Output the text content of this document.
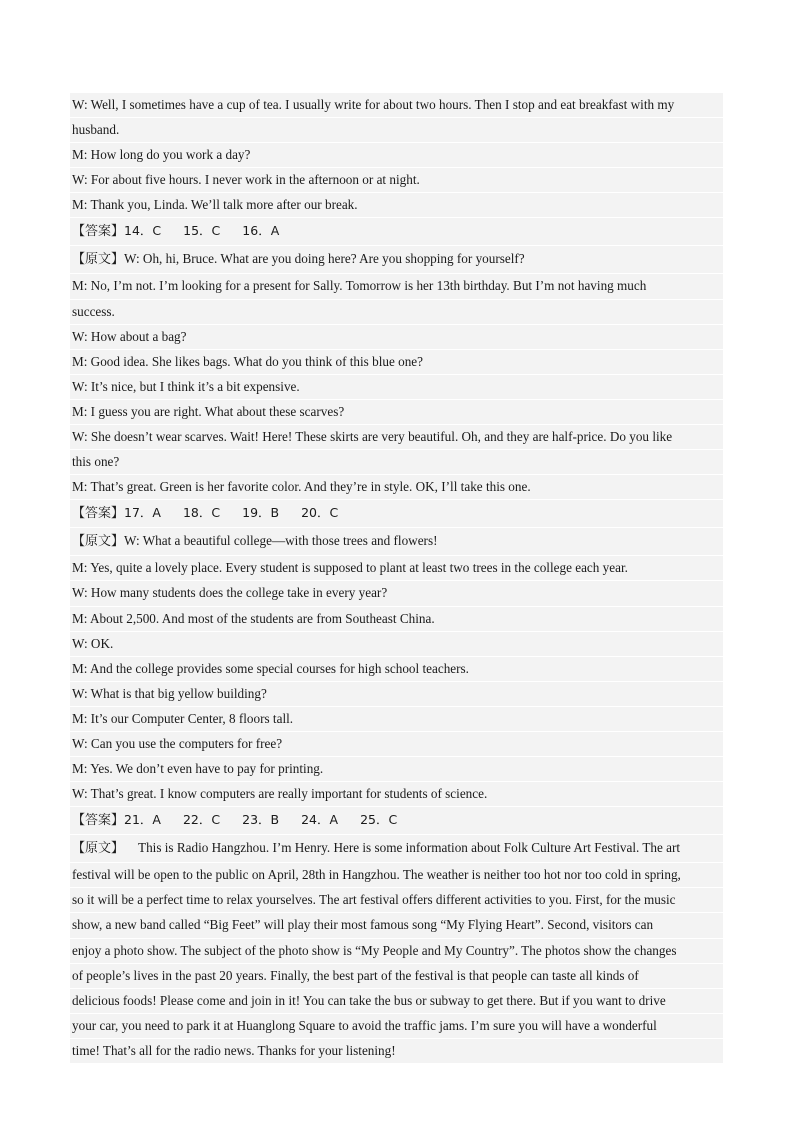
W: Well, I sometimes have a cup of tea. I usually write for about two hours. Then I stop and eat breakfast with my
husband.
M: How long do you work a day?
W: For about five hours. I never work in the afternoon or at night.
M: Thank you, Linda. We’ll talk more after our break.
【答案】14．C 15．C 16．A
【原文】W: Oh, hi, Bruce. What are you doing here? Are you shopping for yourself?
M: No, I’m not. I’m looking for a present for Sally. Tomorrow is her 13th birthday. But I’m not having much
success.
W: How about a bag?
M: Good idea. She likes bags. What do you think of this blue one?
W: It’s nice, but I think it’s a bit expensive.
M: I guess you are right. What about these scarves?
W: She doesn’t wear scarves. Wait! Here! These skirts are very beautiful. Oh, and they are half-price. Do you like
this one?
M: That’s great. Green is her favorite color. And they’re in style. OK, I’ll take this one.
【答案】17．A 18．C 19．B 20．C
【原文】W: What a beautiful college—with those trees and flowers!
M: Yes, quite a lovely place. Every student is supposed to plant at least two trees in the college each year.
W: How many students does the college take in every year?
M: About 2,500. And most of the students are from Southeast China.
W: OK.
M: And the college provides some special courses for high school teachers.
W: What is that big yellow building?
M: It’s our Computer Center, 8 floors tall.
W: Can you use the computers for free?
M: Yes. We don’t even have to pay for printing.
W: That’s great. I know computers are really important for students of science.
【答案】21．A 22．C 23．B 24．A 25．C
【原文】 This is Radio Hangzhou. I’m Henry. Here is some information about Folk Culture Art Festival. The art
festival will be open to the public on April, 28th in Hangzhou. The weather is neither too hot nor too cold in spring,
so it will be a perfect time to relax yourselves. The art festival offers different activities to you. First, for the music
show, a new band called “Big Feet” will play their most famous song “My Flying Heart”. Second, visitors can
enjoy a photo show. The subject of the photo show is “My People and My Country”. The photos show the changes
of people’s lives in the past 20 years. Finally, the best part of the festival is that people can taste all kinds of
delicious foods! Please come and join in it! You can take the bus or subway to get there. But if you want to drive
your car, you need to park it at Huanglong Square to avoid the traffic jams. I’m sure you will have a wonderful
time! That’s all for the radio news. Thanks for your listening!
